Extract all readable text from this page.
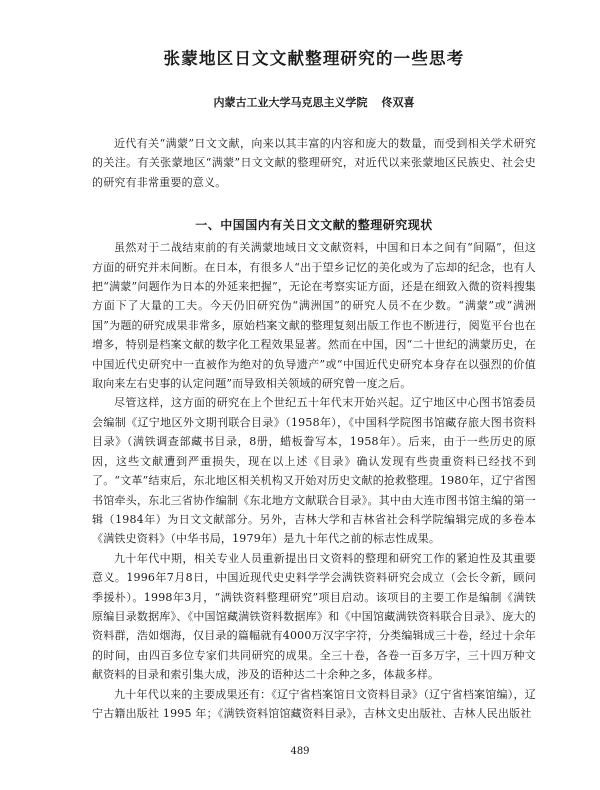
张蒙地区日文文献整理研究的一些思考
内蒙古工业大学马克思主义学院 佟双喜

近代有关“满蒙”日文文献，向来以其丰富的内容和庞大的数量，而受到相关学术研究的关注。有关张蒙地区“满蒙”日文文献的整理研究，对近代以来张蒙地区民族史、社会史的研究有非常重要的意义。

一、中国国内有关日文文献的整理研究现状

虽然对于二战结束前的有关满蒙地域日文文献资料，中国和日本之间有“间隔”，但这方面的研究并未间断。在日本，有很多人“出于望乡记忆的美化或为了忘却的纪念，也有人把“满蒙”问题作为日本的外延来把握”，无论在考察实证方面，还是在细致入微的资料搜集方面下了大量的工夫。今天仍旧研究伪“满洲国”的研究人员不在少数。“满蒙”或“满洲国”为题的研究成果非常多，原始档案文献的整理复刻出版工作也不断进行，阅览平台也在增多，特别是档案文献的数字化工程效果显著。然而在中国，因“二十世纪的满蒙历史，在中国近代史研究中一直被作为绝对的负导遗产”或“中国近代史研究本身存在以强烈的价值取向来左右史事的认定问题”而导致相关领域的研究曾一度之后。

尽管这样，这方面的研究在上个世纪五十年代末开始兴起。辽宁地区中心图书馆委员会编制《辽宁地区外文期刊联合目录》（1958年），《中国科学院图书馆藏存旅大图书资料目录》（满铁调查部藏书目录，8册，蜡板誊写本，1958年）。后来，由于一些历史的原因，这些文献遭到严重损失，现在以上述《目录》确认发现有些贵重资料已经找不到了。“文革”结束后，东北地区相关机构又开始对历史文献的抢救整理。1980年，辽宁省图书馆牵头，东北三省协作编制《东北地方文献联合目录》。其中由大连市图书馆主编的第一辑（1984年）为日文文献部分。另外，吉林大学和吉林省社会科学院编辑完成的多卷本《满铁史资料》（中华书局，1979年）是九十年代之前的标志性成果。

九十年代中期，相关专业人员重新提出日文资料的整理和研究工作的紧迫性及其重要意义。1996年7月8日，中国近现代史史料学学会满铁资料研究会成立（会长令新，顾问季援朴）。1998年3月，“满铁资料整理研究”项目启动。该项目的主要工作是编制《满铁原编目录数据库》、《中国馆藏满铁资料数据库》和《中国馆藏满铁资料联合目录》、庞大的资料群，浩如烟海，仅目录的篇幅就有4000万汉字字符，分类编辑成三十卷，经过十余年的时间，由四百多位专家们共同研究的成果。全三十卷，各卷一百多万字，三十四万种文献资料的目录和索引集大成，涉及的语种达二十余种之多，体裁多样。

九十年代以来的主要成果还有：《辽宁省档案馆日文资料目录》（辽宁省档案馆编），辽宁古籍出版社 1995 年；《满铁资料馆馆藏资料目录》，吉林文史出版社、吉林人民出版社

489
